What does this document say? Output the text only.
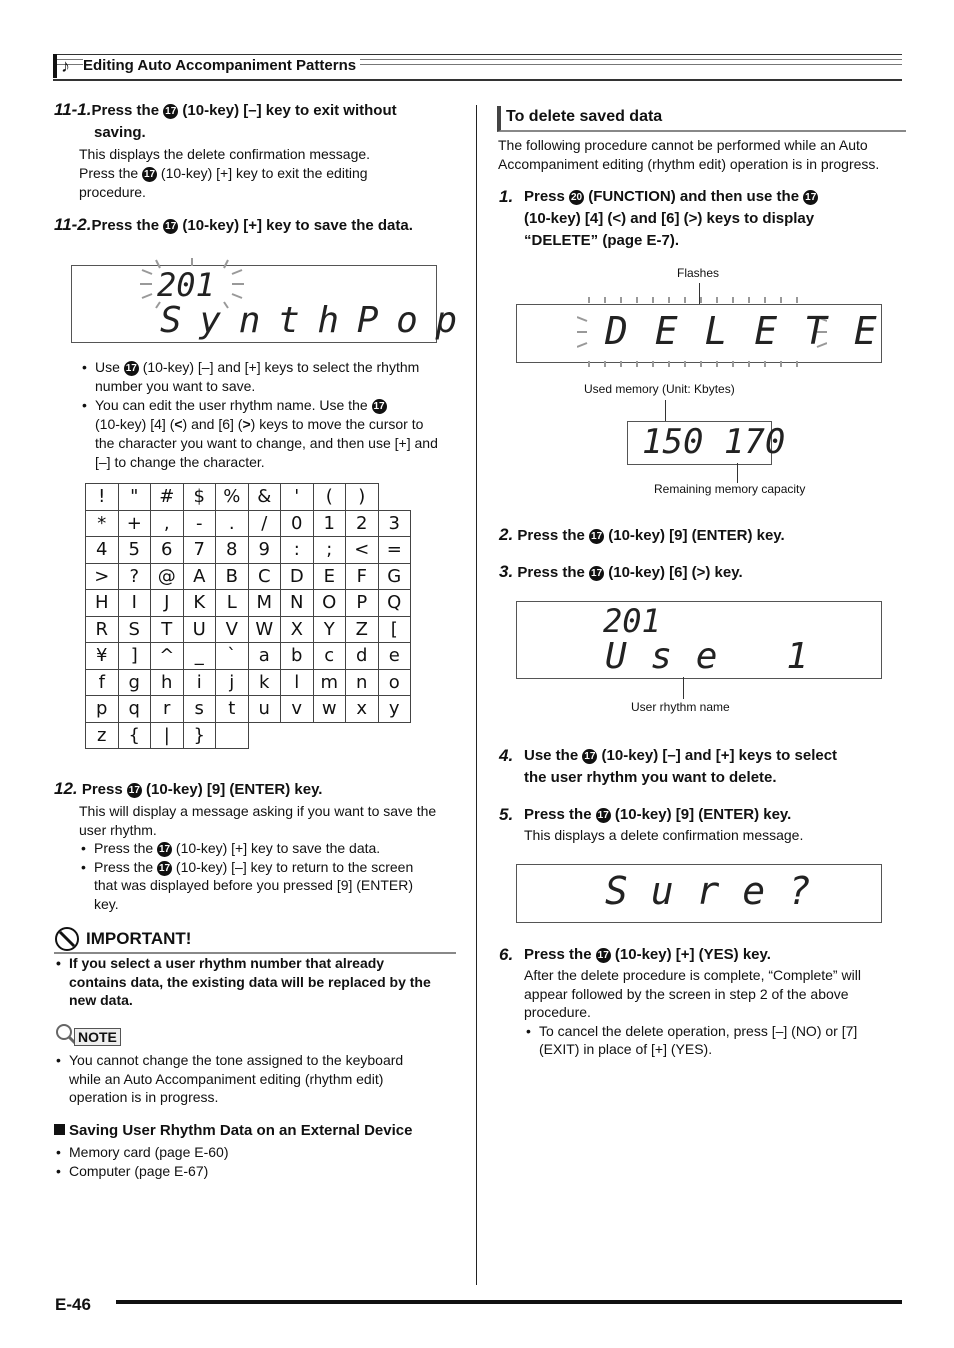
♪ Editing Auto Accompaniment Patterns
11-1.Press the 17 (10-key) [–] key to exit without
saving.
This displays the delete confirmation message.
Press the 17 (10-key) [+] key to exit the editing
procedure.
11-2.Press the 17 (10-key) [+] key to save the data.
201
S y n t h P o p
• Use 17 (10-key) [–] and [+] keys to select the rhythm
number you want to save.
• You can edit the user rhythm name. Use the 17
(10-key) [4] (<) and [6] (>) keys to move the cursor to
the character you want to change, and then use [+] and
[–] to change the character.
!	"	#	$	%	&	'	(	)	
*	+	,	-	.	/	0	1	2	3
4	5	6	7	8	9	:	;	<	=
>	?	@	A	B	C	D	E	F	G
H	I	J	K	L	M	N	O	P	Q
R	S	T	U	V	W	X	Y	Z	[
¥	]	^	_	`	a	b	c	d	e
f	g	h	i	j	k	l	m	n	o
p	q	r	s	t	u	v	w	x	y
z	{	|	}						
12. Press 17 (10-key) [9] (ENTER) key.
This will display a message asking if you want to save the
user rhythm.
• Press the 17 (10-key) [+] key to save the data.
• Press the 17 (10-key) [–] key to return to the screen
that was displayed before you pressed [9] (ENTER)
key.
IMPORTANT!
• If you select a user rhythm number that already
contains data, the existing data will be replaced by the
new data.
NOTE
• You cannot change the tone assigned to the keyboard
while an Auto Accompaniment editing (rhythm edit)
operation is in progress.
Saving User Rhythm Data on an External Device
• Memory card (page E-60)
• Computer (page E-67)
To delete saved data
The following procedure cannot be performed while an Auto
Accompaniment editing (rhythm edit) operation is in progress.
1. Press 20 (FUNCTION) and then use the 17
(10-key) [4] (<) and [6] (>) keys to display
“DELETE” (page E-7).
Flashes
D E L E T E
Used memory (Unit: Kbytes)
150 170
Remaining memory capacity
2. Press the 17 (10-key) [9] (ENTER) key.
3. Press the 17 (10-key) [6] (>) key.
201
U s e   1
User rhythm name
4. Use the 17 (10-key) [–] and [+] keys to select
the user rhythm you want to delete.
5. Press the 17 (10-key) [9] (ENTER) key.
This displays a delete confirmation message.
S u r e ?
6. Press the 17 (10-key) [+] (YES) key.
After the delete procedure is complete, “Complete” will
appear followed by the screen in step 2 of the above
procedure.
• To cancel the delete operation, press [–] (NO) or [7]
(EXIT) in place of [+] (YES).
E-46
